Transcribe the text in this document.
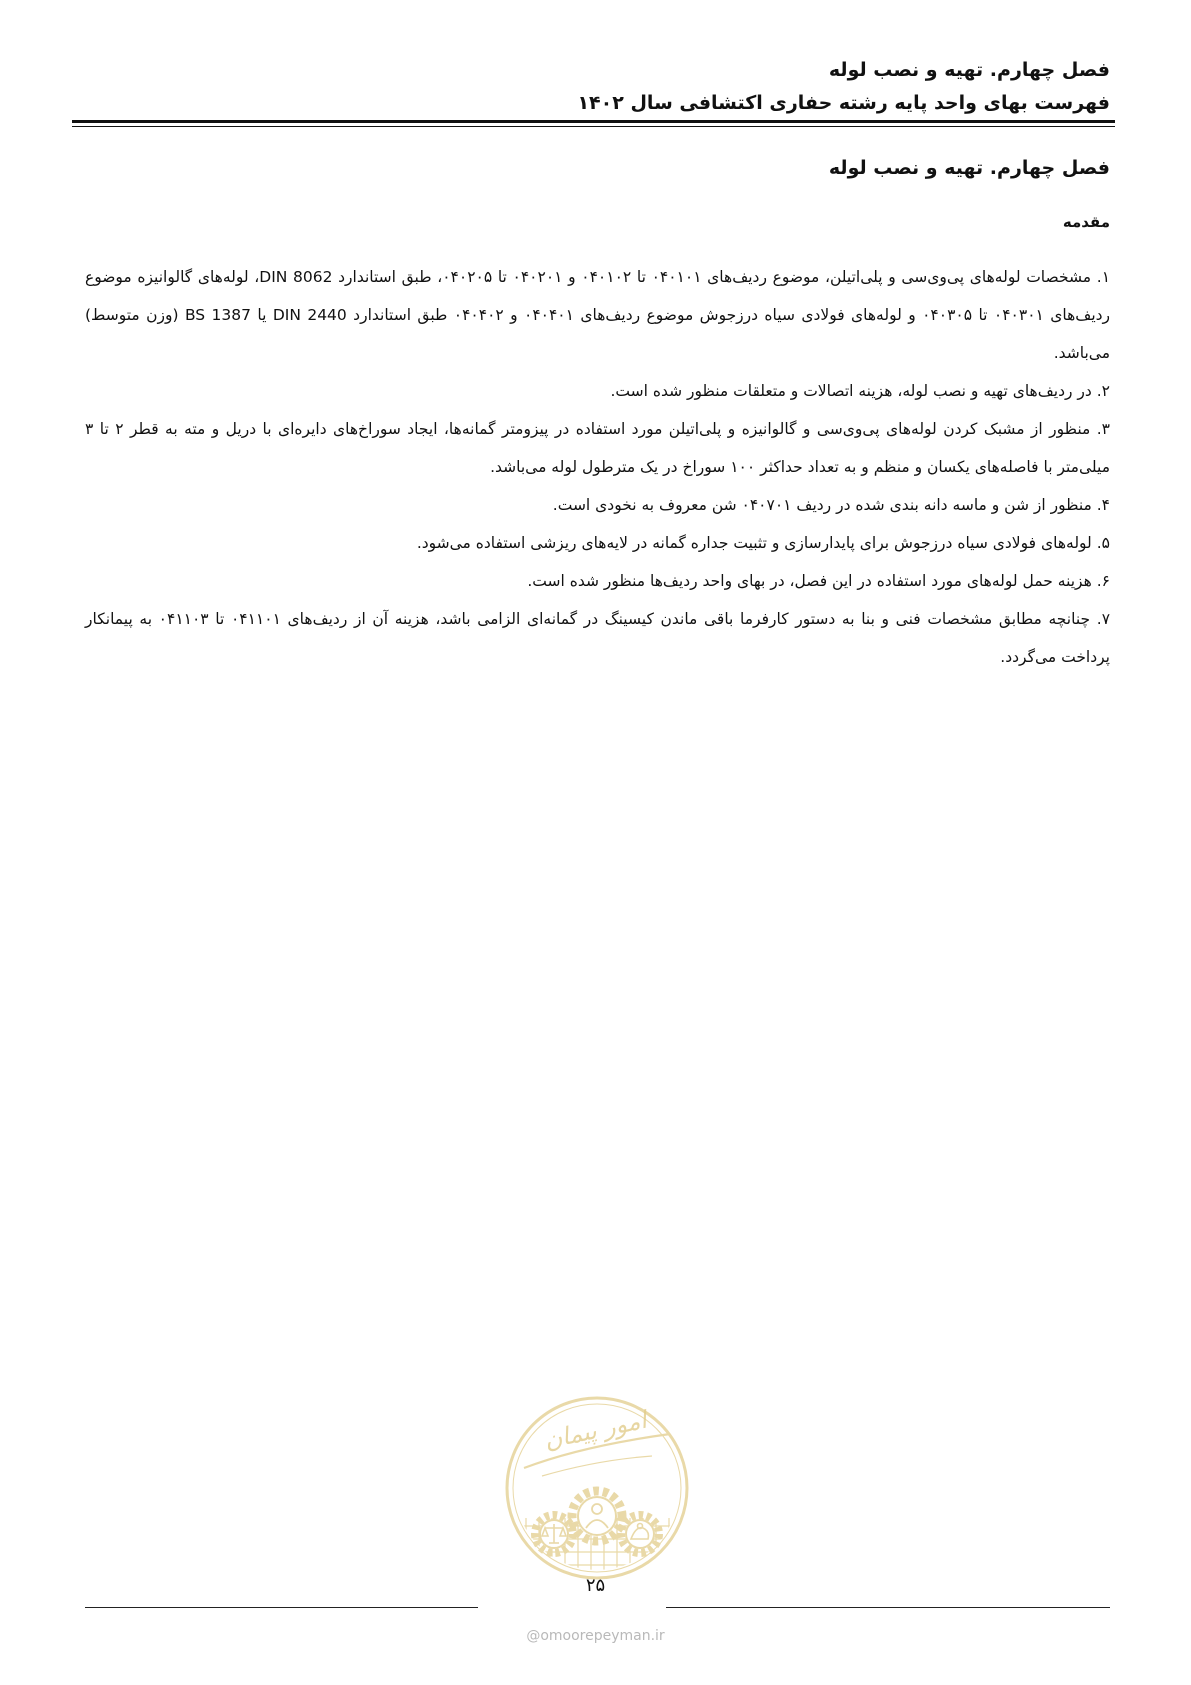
فصل چهارم. تهیه و نصب لوله
فهرست بهای واحد پایه رشته حفاری اکتشافی سال ۱۴۰۲
فصل چهارم. تهیه و نصب لوله
مقدمه

۱. مشخصات لوله‌های پی‌وی‌سی و پلی‌اتیلن، موضوع ردیف‌های ۰۴۰۱۰۱ تا ۰۴۰۱۰۲ و ۰۴۰۲۰۱ تا ۰۴۰۲۰۵، طبق استاندارد DIN 8062، لوله‌های گالوانیزه موضوع ردیف‌های ۰۴۰۳۰۱ تا ۰۴۰۳۰۵ و لوله‌های فولادی سیاه درزجوش موضوع ردیف‌های ۰۴۰۴۰۱ و ۰۴۰۴۰۲ طبق استاندارد DIN 2440 یا BS 1387 (وزن متوسط) می‌باشد.

۲. در ردیف‌های تهیه و نصب لوله، هزینه اتصالات و متعلقات منظور شده است.

۳. منظور از مشبک کردن لوله‌های پی‌وی‌سی و گالوانیزه و پلی‌اتیلن مورد استفاده در پیزومتر گمانه‌ها، ایجاد سوراخ‌های دایره‌ای با دریل و مته به قطر ۲ تا ۳ میلی‌متر با فاصله‌های یکسان و منظم و به تعداد حداکثر ۱۰۰ سوراخ در یک مترطول لوله می‌باشد.

۴. منظور از شن و ماسه دانه بندی شده در ردیف ۰۴۰۷۰۱ شن معروف به نخودی است.

۵. لوله‌های فولادی سیاه درزجوش برای پایدارسازی و تثبیت جداره گمانه در لایه‌های ریزشی استفاده می‌شود.

۶. هزینه حمل لوله‌های مورد استفاده در این فصل، در بهای واحد ردیف‌ها منظور شده است.

۷. چنانچه مطابق مشخصات فنی و بنا به دستور کارفرما باقی ماندن کیسینگ در گمانه‌ای الزامی باشد، هزینه آن از ردیف‌های ۰۴۱۱۰۱ تا ۰۴۱۱۰۳ به پیمانکار پرداخت می‌گردد.

امور پیمان
۲۵
@omoorepeyman.ir
